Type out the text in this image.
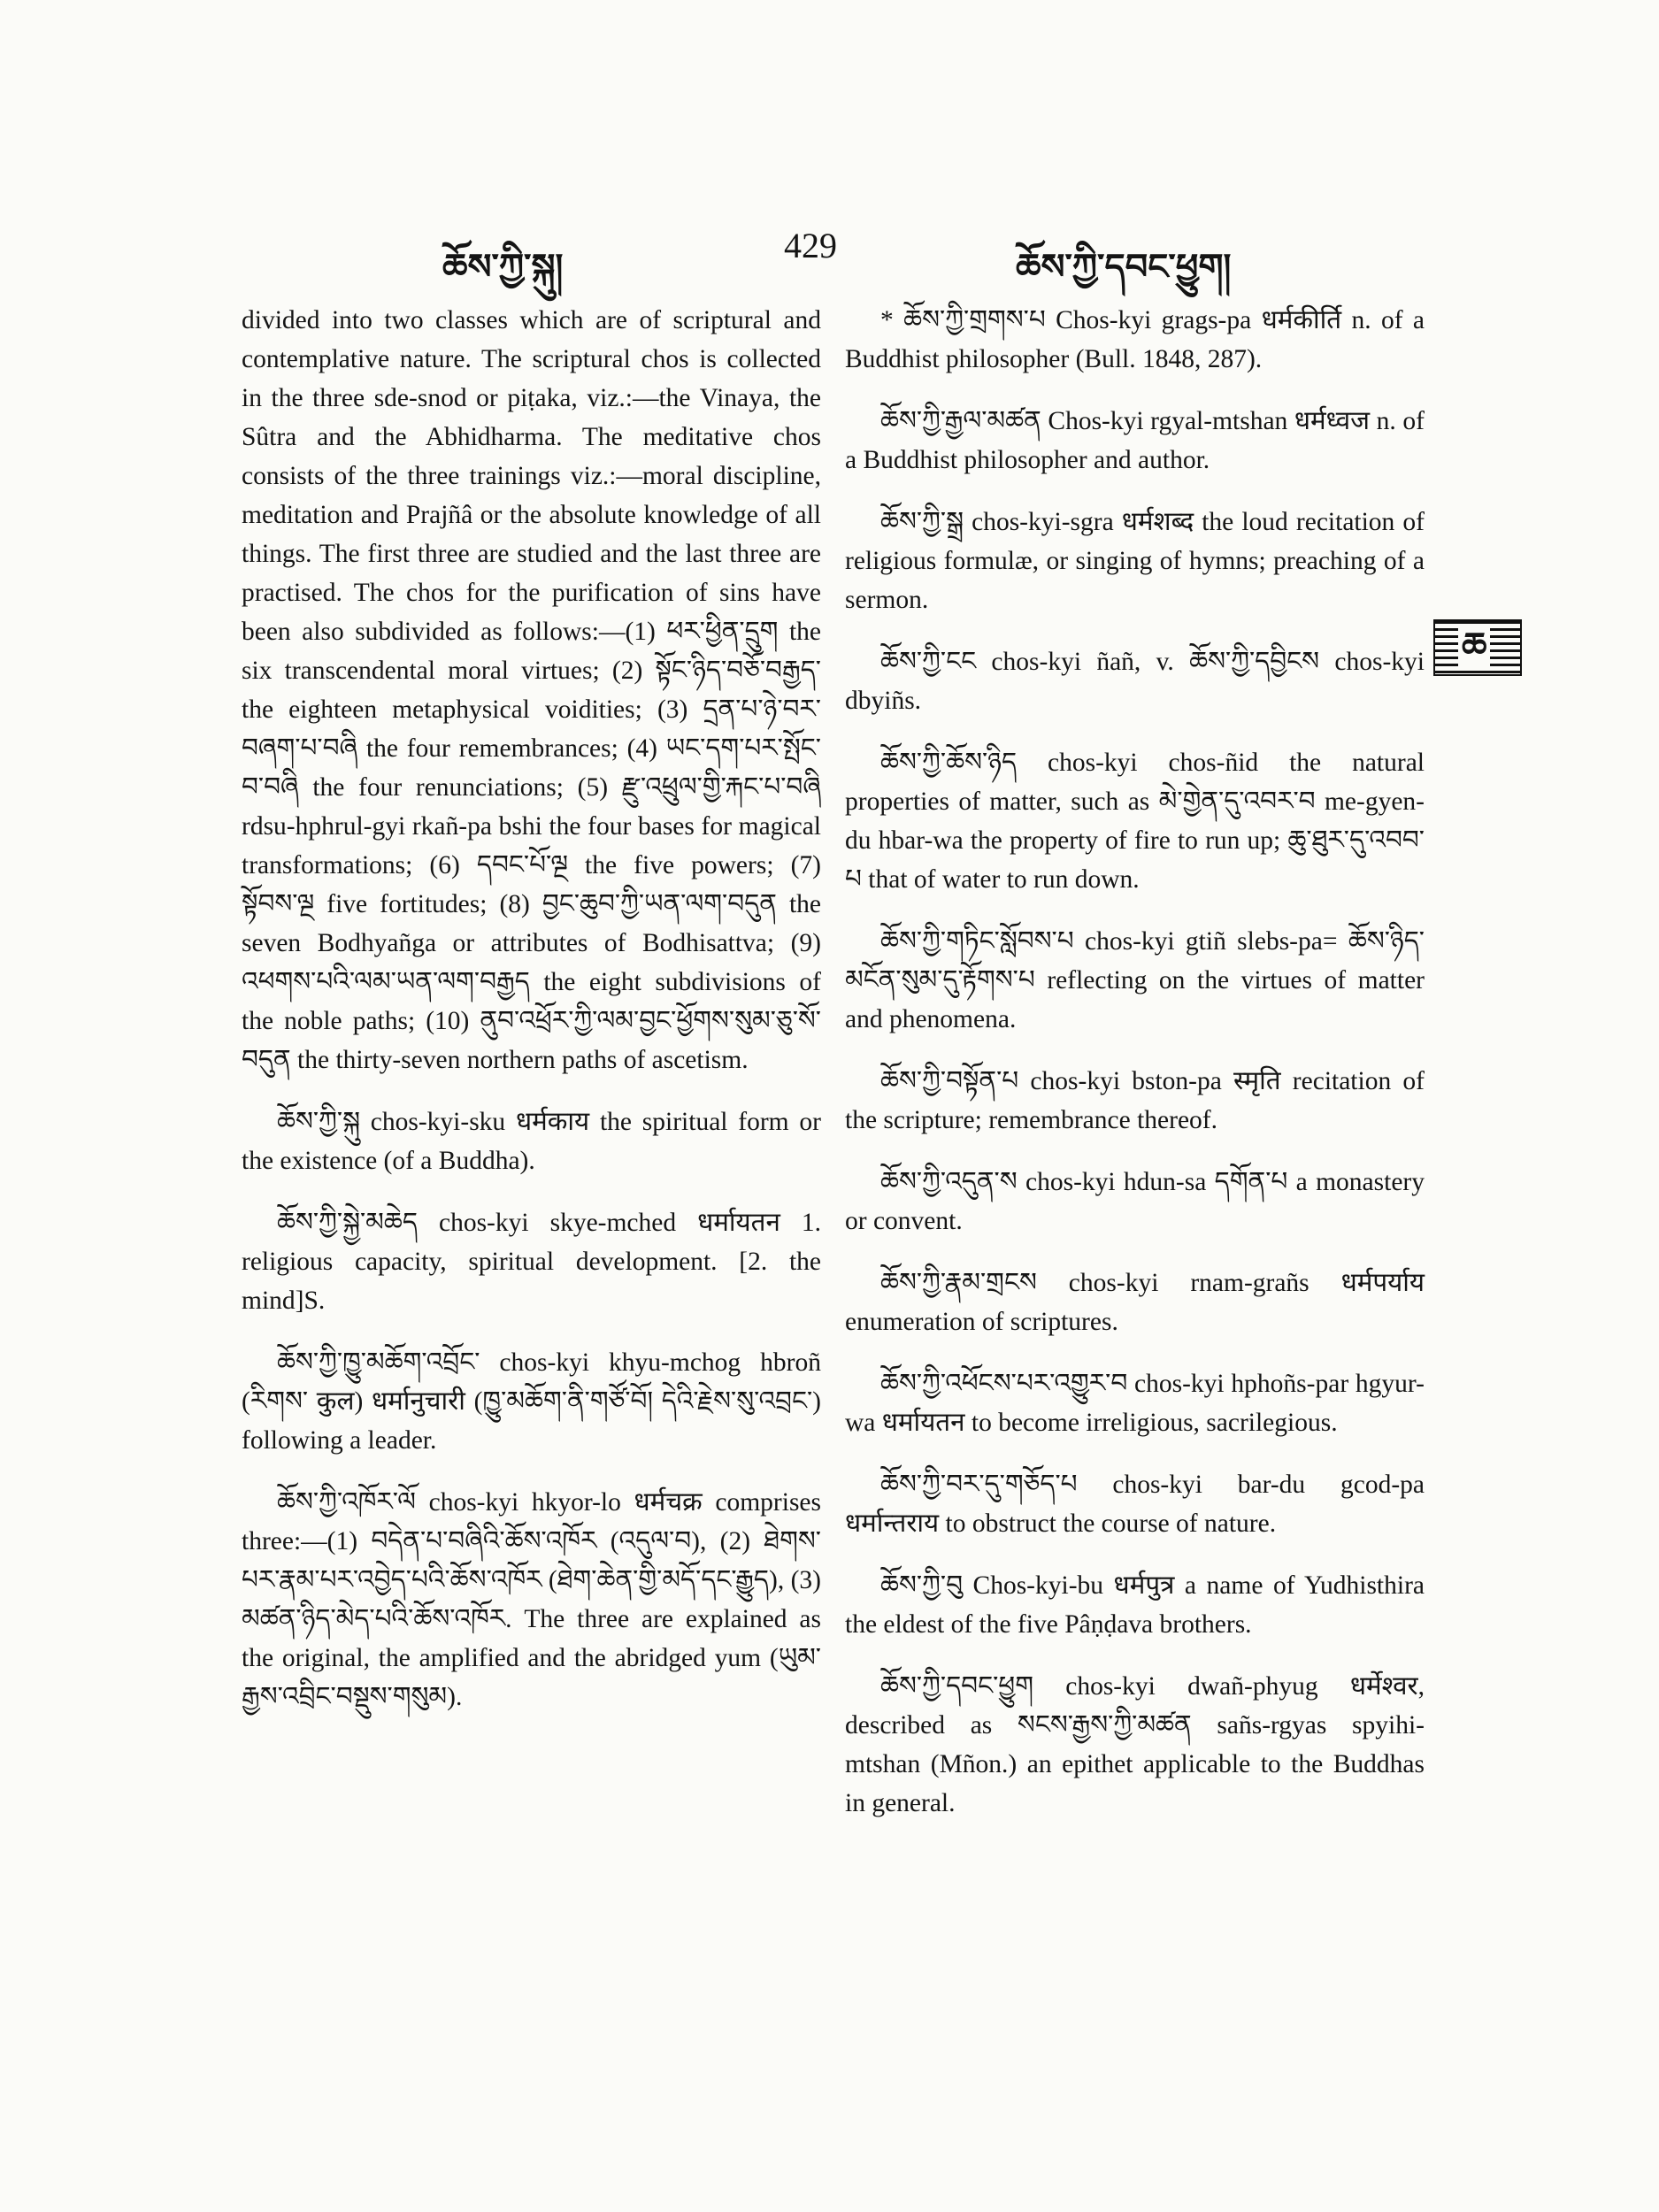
ཆོས་ཀྱི་སྐུ།
429
ཆོས་ཀྱི་དབང་ཕྱུག།

divided into two classes which are of scriptural and contemplative nature. The scriptural chos is collected in the three sde-snod or piṭaka, viz.:—the Vinaya, the Sûtra and the Abhidharma. The meditative chos consists of the three trainings viz.:—moral discipline, meditation and Prajñâ or the absolute knowledge of all things. The first three are studied and the last three are practised. The chos for the purification of sins have been also subdivided as follows:—(1) ཕར་ཕྱིན་དྲུག the six transcendental moral virtues; (2) སྟོང་ཉིད་བཅོ་བརྒྱད་ the eighteen metaphysical voidities; (3) དྲན་པ་ཉེ་བར་བཞག་པ་བཞི the four remembrances; (4) ཡང་དག་པར་སྤོང་བ་བཞི the four renunciations; (5) རྫུ་འཕྲུལ་གྱི་རྐང་པ་བཞི rdsu-hphrul-gyi rkañ-pa bshi the four bases for magical transformations; (6) དབང་པོ་ལྔ the five powers; (7) སྟོབས་ལྔ five fortitudes; (8) བྱང་ཆུབ་ཀྱི་ཡན་ལག་བདུན the seven Bodhyañga or attributes of Bodhisattva; (9) འཕགས་པའི་ལམ་ཡན་ལག་བརྒྱད the eight subdivisions of the noble paths; (10) ནུབ་འཕྲོར་ཀྱི་ལམ་བྱང་ཕྱོགས་སུམ་ཅུ་སོ་བདུན the thirty-seven northern paths of ascetism.

ཆོས་ཀྱི་སྐུ chos-kyi-sku धर्मकाय the spiritual form or the existence (of a Buddha).

ཆོས་ཀྱི་སྐྱེ་མཆེད chos-kyi skye-mched धर्मायतन 1. religious capacity, spiritual development. [2. the mind]S.

ཆོས་ཀྱི་ཁྱུ་མཆོག་འབྲོང་ chos-kyi khyu-mchog hbroñ (རིགས་ कुल) धर्मानुचारी (ཁྱུ་མཆོག་ནི་གཙོ་བོ། དེའི་རྗེས་སུ་འབྲང་) following a leader.

ཆོས་ཀྱི་འཁོར་ལོ chos-kyi hkyor-lo धर्मचक्र comprises three:—(1) བདེན་པ་བཞིའི་ཆོས་འཁོར (འདུལ་བ), (2) ཐེགས་པར་རྣམ་པར་འབྱེད་པའི་ཆོས་འཁོར (ཐེག་ཆེན་གྱི་མདོ་དང་རྒྱུད), (3) མཚན་ཉིད་མེད་པའི་ཆོས་འཁོར. The three are explained as the original, the amplified and the abridged yum (ཡུམ་རྒྱས་འབྲིང་བསྡུས་གསུམ).

* ཆོས་ཀྱི་གྲགས་པ Chos-kyi grags-pa धर्मकीर्ति n. of a Buddhist philosopher (Bull. 1848, 287).

ཆོས་ཀྱི་རྒྱལ་མཚན Chos-kyi rgyal-mtshan धर्मध्वज n. of a Buddhist philosopher and author.

ཆོས་ཀྱི་སྒྲ chos-kyi-sgra धर्मशब्द the loud recitation of religious formulæ, or singing of hymns; preaching of a sermon.

ཆོས་ཀྱི་ངང chos-kyi ñañ, v. ཆོས་ཀྱི་དབྱིངས chos-kyi dbyiñs.

ཆོས་ཀྱི་ཆོས་ཉིད chos-kyi chos-ñid the natural properties of matter, such as མེ་གྱེན་དུ་འབར་བ me-gyen-du hbar-wa the property of fire to run up; ཆུ་ཐུར་དུ་འབབ་པ that of water to run down.

ཆོས་ཀྱི་གཏིང་སློབས་པ chos-kyi gtiñ slebs-pa= ཆོས་ཉིད་མངོན་སུམ་དུ་རྟོགས་པ reflecting on the virtues of matter and phenomena.

ཆོས་ཀྱི་བསྟོན་པ chos-kyi bston-pa स्मृति recitation of the scripture; remembrance thereof.

ཆོས་ཀྱི་འདུན་ས chos-kyi hdun-sa དགོན་པ a monastery or convent.

ཆོས་ཀྱི་རྣམ་གྲངས chos-kyi rnam-grañs धर्मपर्याय enumeration of scriptures.

ཆོས་ཀྱི་འཕོངས་པར་འགྱུར་བ chos-kyi hphoñs-par hgyur-wa धर्मायतन to become irreligious, sacrilegious.

ཆོས་ཀྱི་བར་དུ་གཅོད་པ chos-kyi bar-du gcod-pa धर्मान्तराय to obstruct the course of nature.

ཆོས་ཀྱི་བུ Chos-kyi-bu धर्मपुत्र a name of Yudhisthira the eldest of the five Pâṇḍava brothers.

ཆོས་ཀྱི་དབང་ཕྱུག chos-kyi dwañ-phyug धर्मेश्वर, described as སངས་རྒྱས་ཀྱི་མཚན sañs-rgyas spyihi-mtshan (Mñon.) an epithet applicable to the Buddhas in general.

ཆ
